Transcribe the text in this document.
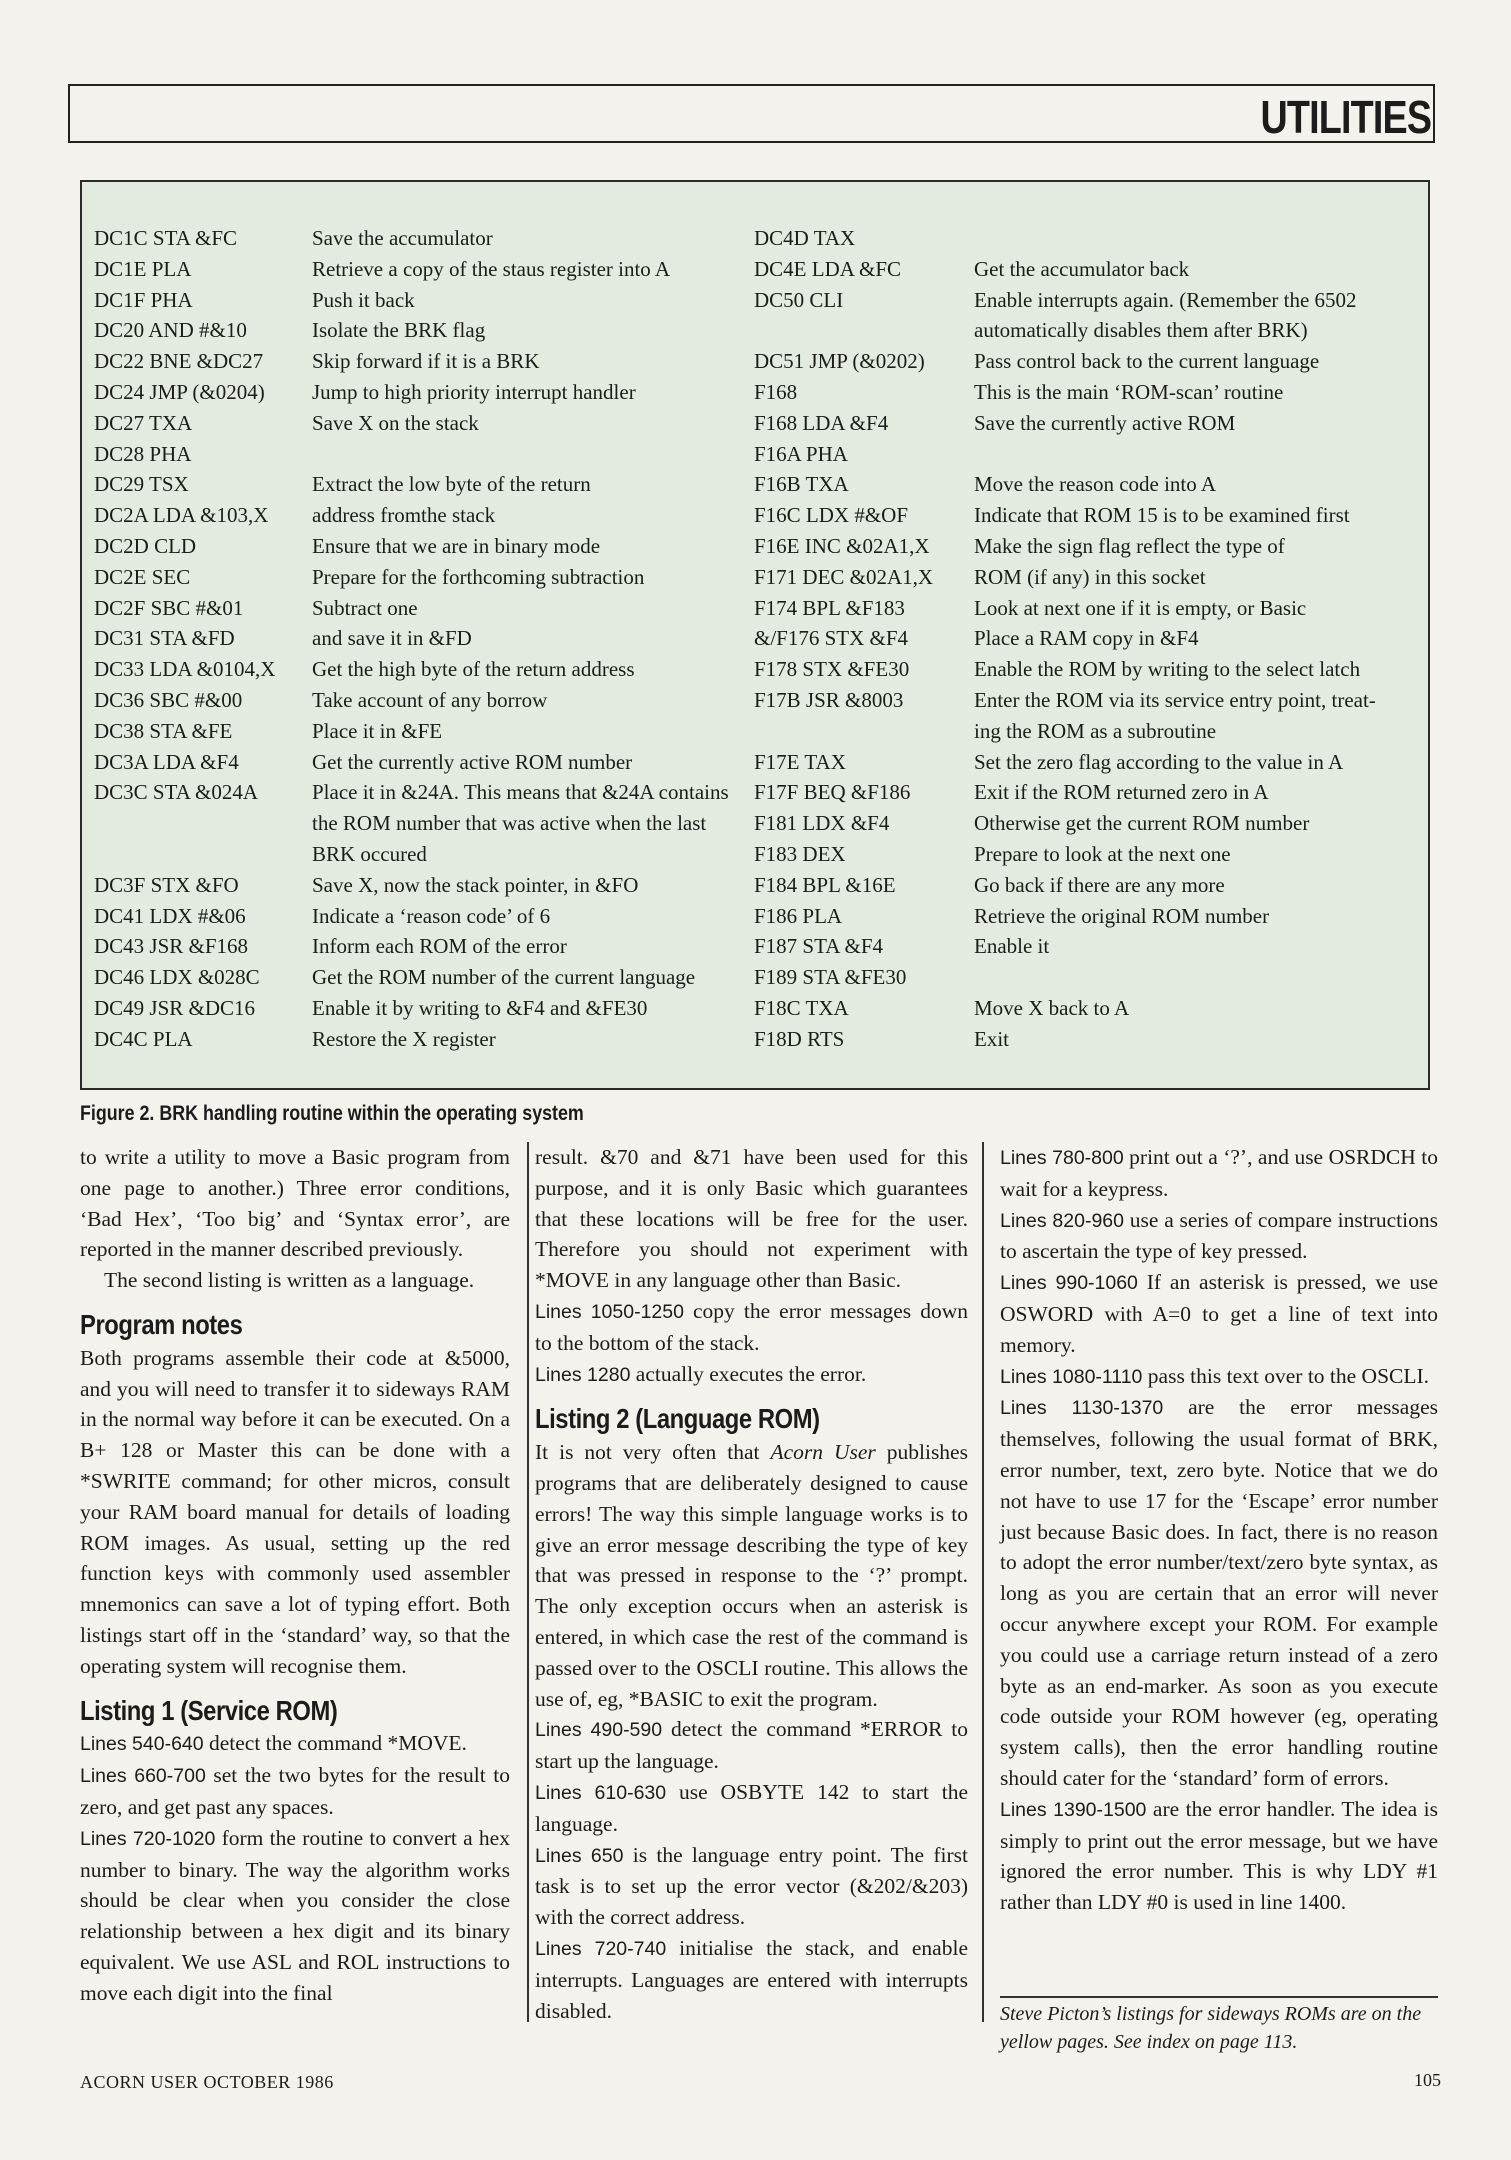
UTILITIES
DC1C STA &FC	Save the accumulator
DC1E PLA	Retrieve a copy of the staus register into A
DC1F PHA	Push it back
DC20 AND #&10	Isolate the BRK flag
DC22 BNE &DC27 Skip forward if it is a BRK
DC24 JMP (&0204) Jump to high priority interrupt handler
DC27 TXA	Save X on the stack
DC28 PHA
DC29 TSX	Extract the low byte of the return
DC2A LDA &103,X address fromthe stack
DC2D CLD	Ensure that we are in binary mode
DC2E SEC	Prepare for the forthcoming subtraction
DC2F SBC #&01	Subtract one
DC31 STA &FD	and save it in &FD
DC33 LDA &0104,X Get the high byte of the return address
DC36 SBC #&00	Take account of any borrow
DC38 STA &FE	Place it in &FE
DC3A LDA &F4	Get the currently active ROM number
DC3C STA &024A	Place it in &24A. This means that &24A contains
the ROM number that was active when the last
BRK occured
DC3F STX &FO	Save X, now the stack pointer, in &FO
DC41 LDX #&06	Indicate a ‘reason code’ of 6
DC43 JSR &F168	Inform each ROM of the error
DC46 LDX &028C Get the ROM number of the current language
DC49 JSR &DC16	Enable it by writing to &F4 and &FE30
DC4C PLA	Restore the X register
DC4D TAX
DC4E LDA &FC	Get the accumulator back
DC50 CLI	Enable interrupts again. (Remember the 6502
automatically disables them after BRK)
DC51 JMP (&0202) Pass control back to the current language
F168	This is the main ‘ROM-scan’ routine
F168 LDA &F4	Save the currently active ROM
F16A PHA
F16B TXA	Move the reason code into A
F16C LDX #&OF	Indicate that ROM 15 is to be examined first
F16E INC &02A1,X Make the sign flag reflect the type of
F171 DEC &02A1,X ROM (if any) in this socket
F174 BPL &F183	Look at next one if it is empty, or Basic
&/F176 STX &F4	Place a RAM copy in &F4
F178 STX &FE30	Enable the ROM by writing to the select latch
F17B JSR &8003	Enter the ROM via its service entry point, treat-
ing the ROM as a subroutine
F17E TAX	Set the zero flag according to the value in A
F17F BEQ &F186	Exit if the ROM returned zero in A
F181 LDX &F4	Otherwise get the current ROM number
F183 DEX	Prepare to look at the next one
F184 BPL &16E	Go back if there are any more
F186 PLA	Retrieve the original ROM number
F187 STA &F4	Enable it
F189 STA &FE30
F18C TXA	Move X back to A
F18D RTS	Exit
Figure 2. BRK handling routine within the operating system

to write a utility to move a Basic program from one page to another.) Three error conditions, ‘Bad Hex’, ‘Too big’ and ‘Syntax error’, are reported in the manner described previously.

The second listing is written as a language.

Program notes

Both programs assemble their code at &5000, and you will need to transfer it to sideways RAM in the normal way before it can be executed. On a B+ 128 or Master this can be done with a *SWRITE command; for other micros, consult your RAM board manual for details of loading ROM images. As usual, setting up the red function keys with commonly used assembler mnemonics can save a lot of typing effort. Both listings start off in the ‘standard’ way, so that the operating system will recognise them.

Listing 1 (Service ROM)

Lines 540-640 detect the command *MOVE.

Lines 660-700 set the two bytes for the result to zero, and get past any spaces.

Lines 720-1020 form the routine to convert a hex number to binary. The way the algorithm works should be clear when you consider the close relationship between a hex digit and its binary equivalent. We use ASL and ROL instructions to move each digit into the final

result. &70 and &71 have been used for this purpose, and it is only Basic which guarantees that these locations will be free for the user. Therefore you should not experiment with *MOVE in any language other than Basic.

Lines 1050-1250 copy the error messages down to the bottom of the stack.

Lines 1280 actually executes the error.

Listing 2 (Language ROM)

It is not very often that Acorn User publishes programs that are deliberately designed to cause errors! The way this simple language works is to give an error message describing the type of key that was pressed in response to the ‘?’ prompt. The only exception occurs when an asterisk is entered, in which case the rest of the command is passed over to the OSCLI routine. This allows the use of, eg, *BASIC to exit the program.

Lines 490-590 detect the command *ERROR to start up the language.

Lines 610-630 use OSBYTE 142 to start the language.

Lines 650 is the language entry point. The first task is to set up the error vector (&202/&203) with the correct address.

Lines 720-740 initialise the stack, and enable interrupts. Languages are entered with interrupts disabled.

Lines 780-800 print out a ‘?’, and use OSRDCH to wait for a keypress.

Lines 820-960 use a series of compare instructions to ascertain the type of key pressed.

Lines 990-1060 If an asterisk is pressed, we use OSWORD with A=0 to get a line of text into memory.

Lines 1080-1110 pass this text over to the OSCLI.

Lines 1130-1370 are the error messages themselves, following the usual format of BRK, error number, text, zero byte. Notice that we do not have to use 17 for the ‘Escape’ error number just because Basic does. In fact, there is no reason to adopt the error number/text/zero byte syntax, as long as you are certain that an error will never occur anywhere except your ROM. For example you could use a carriage return instead of a zero byte as an end-marker. As soon as you execute code outside your ROM however (eg, operating system calls), then the error handling routine should cater for the ‘standard’ form of errors.

Lines 1390-1500 are the error handler. The idea is simply to print out the error message, but we have ignored the error number. This is why LDY #1 rather than LDY #0 is used in line 1400.

Steve Picton’s listings for sideways ROMs are on the yellow pages. See index on page 113.
ACORN USER OCTOBER 1986	105
